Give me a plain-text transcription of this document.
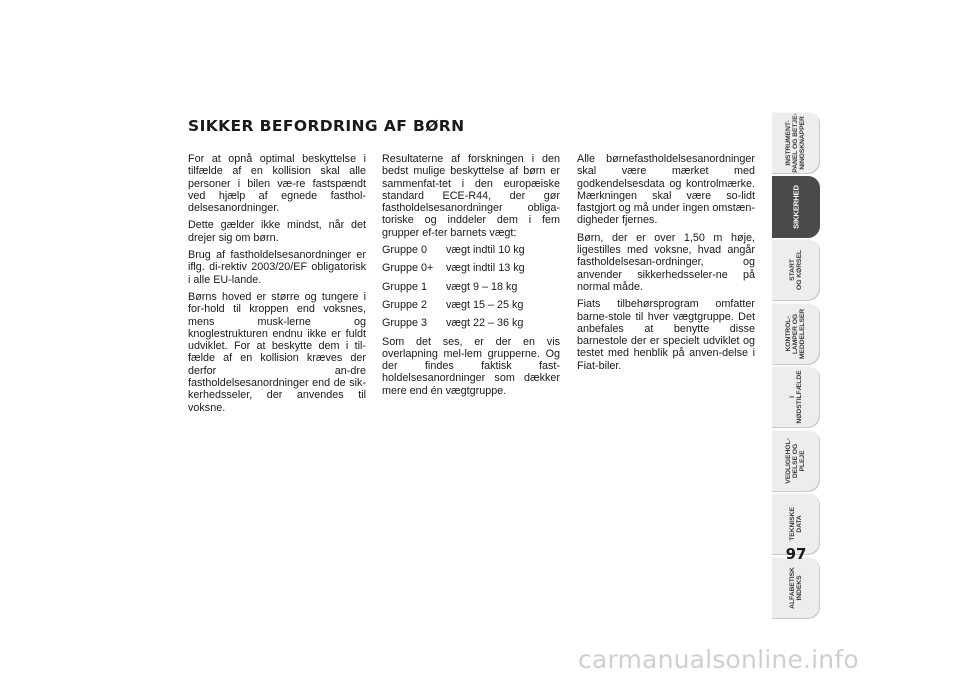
SIKKER BEFORDRING AF BØRN

For at opnå optimal beskyttelse i tilfælde af en kollision skal alle personer i bilen væ-re fastspændt ved hjælp af egnede fasthol-delsesanordninger.

Dette gælder ikke mindst, når det drejer sig om børn.

Brug af fastholdelsesanordninger er iflg. di-rektiv 2003/20/EF obligatorisk i alle EU-lande.

Børns hoved er større og tungere i for-hold til kroppen end voksnes, mens musk-lerne og knoglestrukturen endnu ikke er fuldt udviklet. For at beskytte dem i til-fælde af en kollision kræves der derfor an-dre fastholdelsesanordninger end de sik-kerhedsseler, der anvendes til voksne.

Resultaterne af forskningen i den bedst mulige beskyttelse af børn er sammenfat-tet i den europæiske standard ECE-R44, der gør fastholdelsesanordninger obliga-toriske og inddeler dem i fem grupper ef-ter barnets vægt:

Gruppe 0	vægt indtil 10 kg
Gruppe 0+	vægt indtil 13 kg
Gruppe 1	vægt 9 – 18 kg
Gruppe 2	vægt 15 – 25 kg
Gruppe 3	vægt 22 – 36 kg

Som det ses, er der en vis overlapning mel-lem grupperne. Og der findes faktisk fast-holdelsesanordninger som dækker mere end én vægtgruppe.

Alle børnefastholdelsesanordninger skal være mærket med godkendelsesdata og kontrolmærke. Mærkningen skal være so-lidt fastgjort og må under ingen omstæn-digheder fjernes.

Børn, der er over 1,50 m høje, ligestilles med voksne, hvad angår fastholdelsesan-ordninger, og anvender sikkerhedsseler-ne på normal måde.

Fiats tilbehørsprogram omfatter barne-stole til hver vægtgruppe. Det anbefales at benytte disse barnestole der er specielt udviklet og testet med henblik på anven-delse i Fiat-biler.

INSTRUMENT-
PANEL OG BETJE-
NINGSKNAPPER
SIKKERHED
START
OG KØRSEL
KONTROL-
LAMPER OG
MEDDELELSER
I
NØDSTILFÆLDE
VEDLIGEHOL-
DELSE OG
PLEJE
TEKNISKE
DATA
ALFABETISK
INDEKS
97
carmanualsonline.info
